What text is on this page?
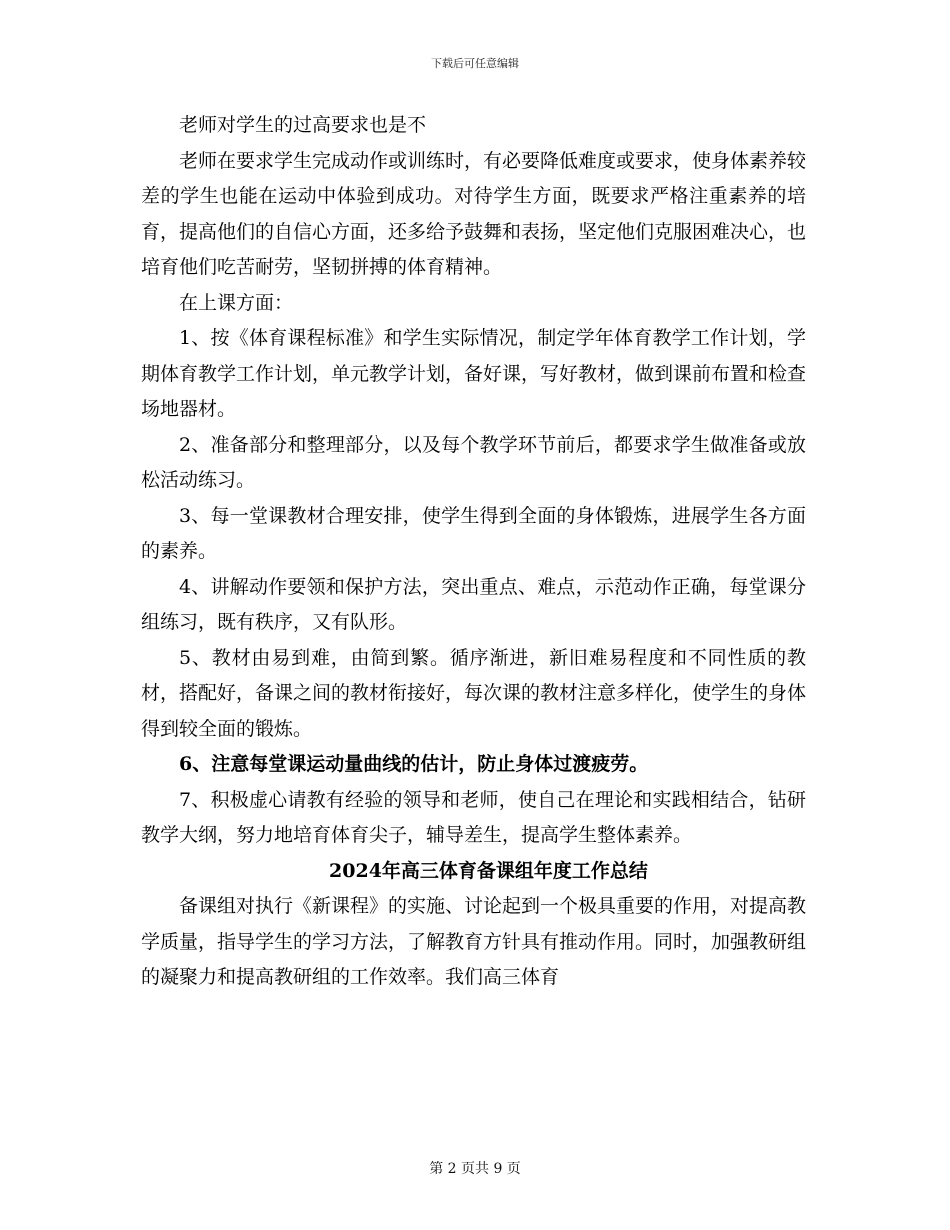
下载后可任意编辑

老师对学生的过高要求也是不

老师在要求学生完成动作或训练时，有必要降低难度或要求，使身体素养较差的学生也能在运动中体验到成功。对待学生方面，既要求严格注重素养的培育，提高他们的自信心方面，还多给予鼓舞和表扬，坚定他们克服困难决心，也培育他们吃苦耐劳，坚韧拼搏的体育精神。

在上课方面：

1、按《体育课程标准》和学生实际情况，制定学年体育教学工作计划，学期体育教学工作计划，单元教学计划，备好课，写好教材，做到课前布置和检查场地器材。

2、准备部分和整理部分，以及每个教学环节前后，都要求学生做准备或放松活动练习。

3、每一堂课教材合理安排，使学生得到全面的身体锻炼，进展学生各方面的素养。

4、讲解动作要领和保护方法，突出重点、难点，示范动作正确，每堂课分组练习，既有秩序，又有队形。

5、教材由易到难，由简到繁。循序渐进，新旧难易程度和不同性质的教材，搭配好，备课之间的教材衔接好，每次课的教材注意多样化，使学生的身体得到较全面的锻炼。

6、注意每堂课运动量曲线的估计，防止身体过渡疲劳。

7、积极虚心请教有经验的领导和老师，使自己在理论和实践相结合，钻研教学大纲，努力地培育体育尖子，辅导差生，提高学生整体素养。

2024年高三体育备课组年度工作总结

备课组对执行《新课程》的实施、讨论起到一个极具重要的作用，对提高教学质量，指导学生的学习方法，了解教育方针具有推动作用。同时，加强教研组的凝聚力和提高教研组的工作效率。我们高三体育

第 2 页共 9 页
